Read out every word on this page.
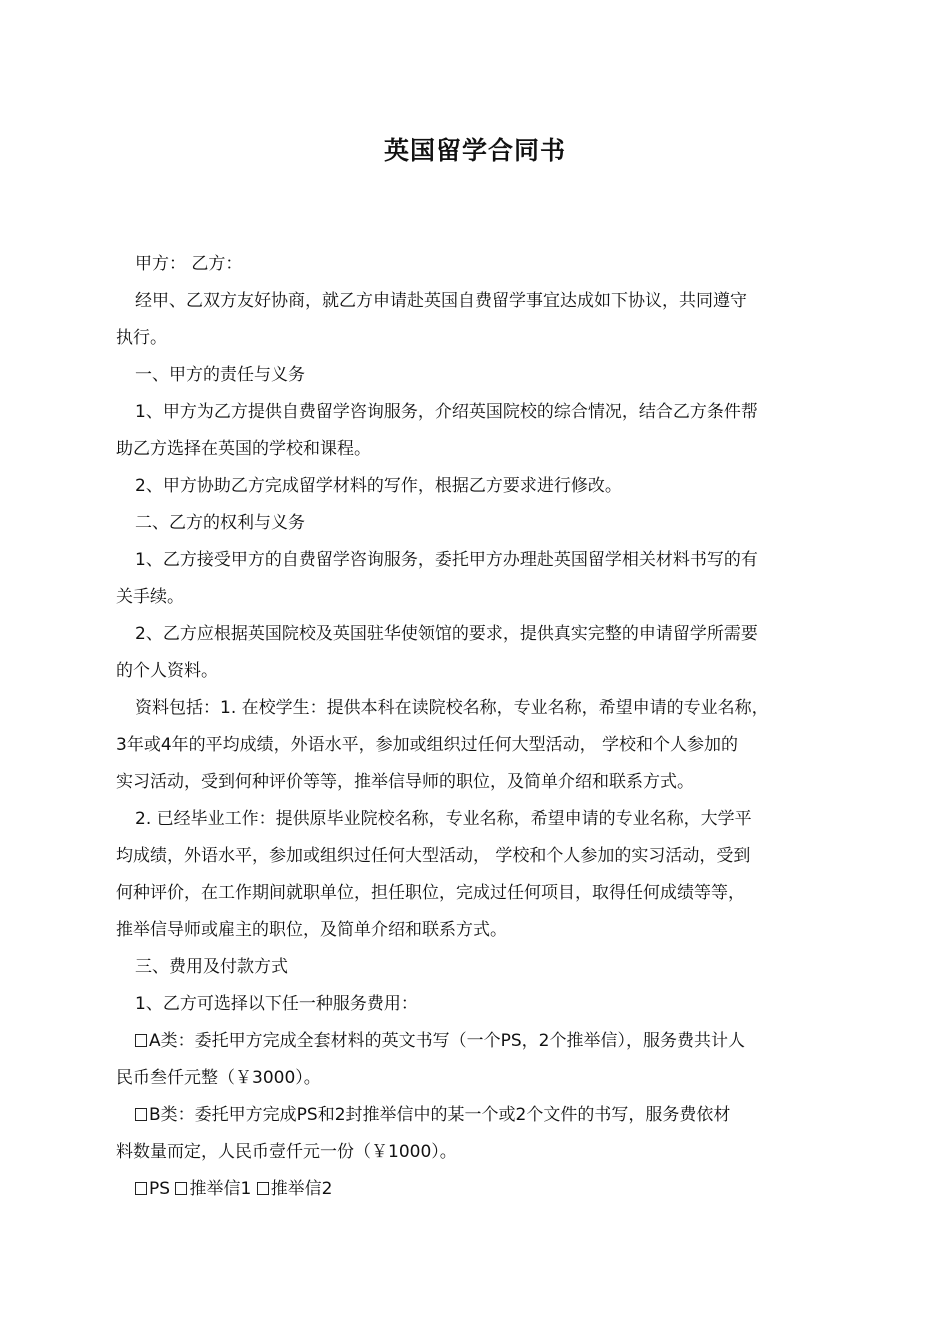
英国留学合同书

甲方： 乙方：

经甲、乙双方友好协商，就乙方申请赴英国自费留学事宜达成如下协议，共同遵守

执行。

一、甲方的责任与义务

1、甲方为乙方提供自费留学咨询服务，介绍英国院校的综合情况，结合乙方条件帮

助乙方选择在英国的学校和课程。

2、甲方协助乙方完成留学材料的写作，根据乙方要求进行修改。

二、乙方的权利与义务

1、乙方接受甲方的自费留学咨询服务，委托甲方办理赴英国留学相关材料书写的有

关手续。

2、乙方应根据英国院校及英国驻华使领馆的要求，提供真实完整的申请留学所需要

的个人资料。

资料包括：1. 在校学生：提供本科在读院校名称，专业名称，希望申请的专业名称，

3年或4年的平均成绩，外语水平，参加或组织过任何大型活动， 学校和个人参加的
实习活动，受到何种评价等等，推举信导师的职位，及简单介绍和联系方式。

2. 已经毕业工作：提供原毕业院校名称，专业名称，希望申请的专业名称，大学平

均成绩，外语水平，参加或组织过任何大型活动， 学校和个人参加的实习活动，受到
何种评价，在工作期间就职单位，担任职位，完成过任何项目，取得任何成绩等等，
推举信导师或雇主的职位，及简单介绍和联系方式。

三、费用及付款方式

1、乙方可选择以下任一种服务费用：

A类：委托甲方完成全套材料的英文书写（一个PS，2个推举信），服务费共计人

民币叁仟元整（￥3000）。

B类：委托甲方完成PS和2封推举信中的某一个或2个文件的书写，服务费依材

料数量而定，人民币壹仟元一份（￥1000）。

PS 推举信1 推举信2
